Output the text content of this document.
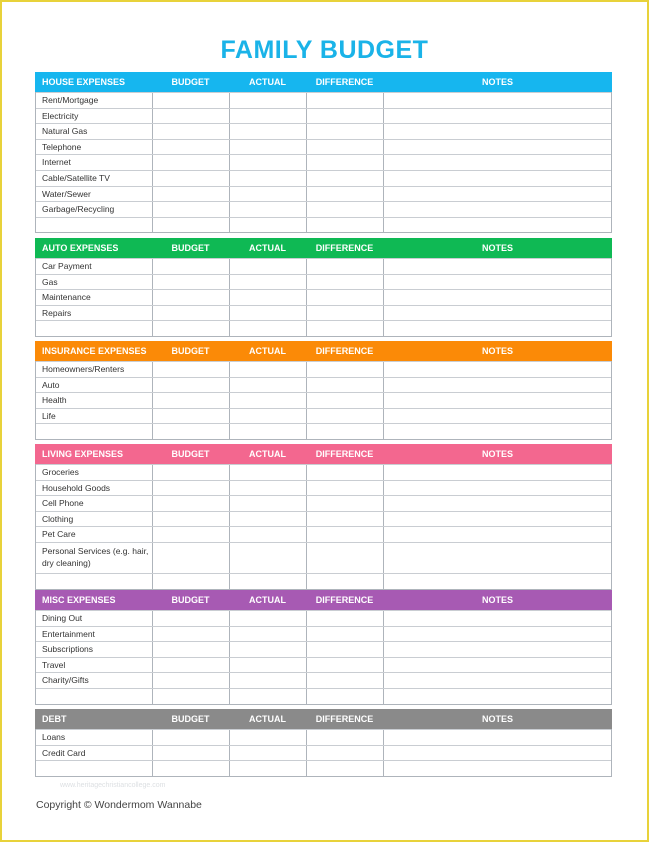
FAMILY BUDGET
HOUSE EXPENSES	BUDGET	ACTUAL	DIFFERENCE	NOTES
Rent/Mortgage
Electricity
Natural Gas
Telephone
Internet
Cable/Satellite TV
Water/Sewer
Garbage/Recycling
AUTO EXPENSES	BUDGET	ACTUAL	DIFFERENCE	NOTES
Car Payment
Gas
Maintenance
Repairs
INSURANCE EXPENSES	BUDGET	ACTUAL	DIFFERENCE	NOTES
Homeowners/Renters
Auto
Health
Life
LIVING EXPENSES	BUDGET	ACTUAL	DIFFERENCE	NOTES
Groceries
Household Goods
Cell Phone
Clothing
Pet Care
Personal Services (e.g. hair, dry cleaning)
MISC EXPENSES	BUDGET	ACTUAL	DIFFERENCE	NOTES
Dining Out
Entertainment
Subscriptions
Travel
Charity/Gifts
DEBT	BUDGET	ACTUAL	DIFFERENCE	NOTES
Loans
Credit Card
www.heritagechristiancollege.com
Copyright © Wondermom Wannabe
